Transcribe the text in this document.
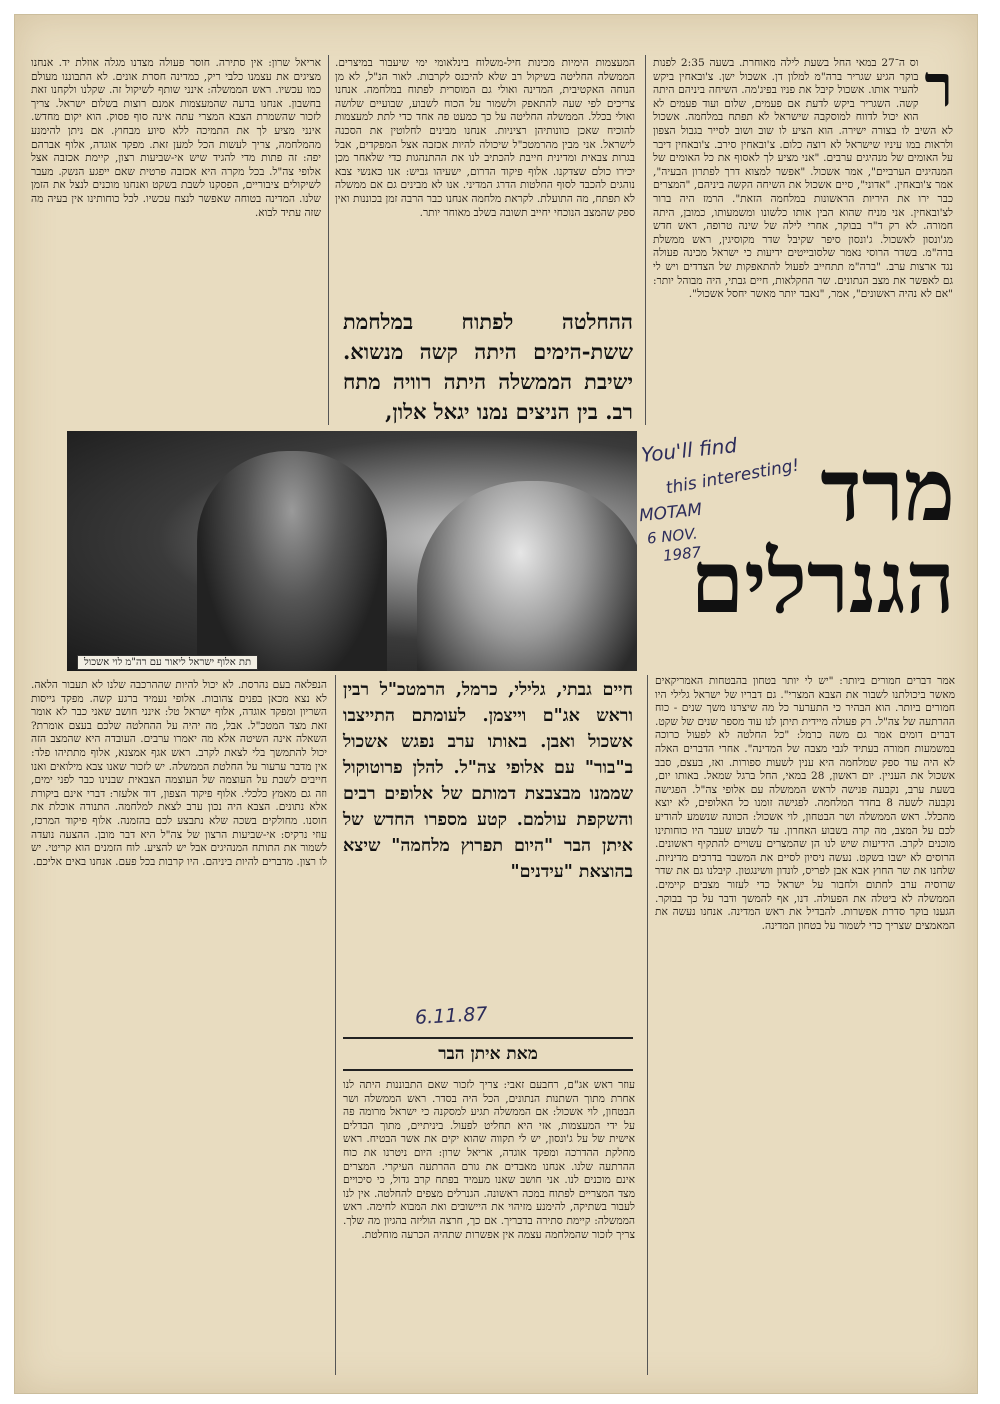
ר

וס ה־27 במאי החל בשעת לילה מאוחרת. בשעה 2:35 לפנות בוקר הגיע שגריר ברה"מ למלון דן. אשכול ישן. צ'ובאחין ביקש להעיר אותו. אשכול קיבל את פניו בפיג'מה. השיחה ביניהם היתה קשה. השגריר ביקש לדעת אם פעמים, שלום ועוד פעמים לא הוא יכול לדווח למוסקבה שישראל לא תפתח במלחמה. אשכול לא השיב לו בצורה ישירה. הוא הציע לו שוב ושוב לסייר בגבול הצפון ולראות במו עיניו שישראל לא רוצה כלום. צ'ובאחין סירב. צ'ובאחין דיבר על האומים של מנהיגים ערבים. "אני מציע לך לאסוף את כל האומים של המנהיגים הערביים", אמר אשכול. "אפשר למצוא דרך לפתרון הבעיה", אמר צ'ובאחין. "אדוני", סיים אשכול את השיחה הקשה ביניהם, "המצרים כבר ירו את היריות הראשונות במלחמה הזאת". הרמז היה ברור לצ'ובאחין. אני מניח שהוא הבין אותו כלשונו ומשמעותו, כמובן, היתה חמורה. לא רק ד"ר בבוקר, אחרי לילה של שינה טרופה, ראש חדש מג'ונסון לאשכול. ג'ונסון סיפר שקיבל שדר מקוסיגין, ראש ממשלת ברה"מ. בשדר הרוסי נאמר שלסובייטים ידיעות כי ישראל מכינה פעולה נגד ארצות ערב. "ברה"מ תתחייב לפעול להתאפקות של הצדדים ויש לי גם לאפשר את מצב הנתונים. שר החקלאות, חיים גבתי, היה מבוהל יותר: "אם לא נהיה ראשונים", אמר, "נאבד יותר מאשר יחסל אשכול".

המעצמות הימיות מכינות חיל-משלוח בינלאומי ימי שיעבור במיצרים. הממשלה החליטה בשיקול רב שלא להיכנס לקרבות. לאור הנ"ל, לא מן הנוחה האקטיבית, המדינה ואולי גם המוסרית לפתוח במלחמה. אנחנו צריכים לפי שעה להתאפק ולשמור על הכוח לשבוע, שבועיים שלושה ואולי בכלל. הממשלה החליטה על כך כמעט פה אחד כדי לתת למעצמות להוכיח שאכן כוונותיהן רציניות. אנחנו מבינים לחלוטין את הסכנה לישראל. אני מבין מהרמטכ"ל שיכולה להיות אכזבה אצל המפקדים, אבל בגרות צבאית ומדינית חייבת להכתיב לנו את ההתנהגות כדי שלאחר מכן יכירו כולם שצדקנו. אלוף פיקוד הדרום, ישעיהו גביש: אנו כאנשי צבא נוהגים להכבד לסוף החלטות הדרג המדיני. אנו לא מבינים גם אם ממשלה לא תפתח, מה התועלת. לקראת מלחמה אנחנו כבר הרבה זמן בכוננות ואין ספק שהמצב הנוכחי יחייב תשובה בשלב מאוחר יותר.

אריאל שרון: אין סתירה. חוסר פעולה מצדנו מגלה אוזלת יד. אנחנו מציגים את עצמנו כלבי ריק, כמדינה חסרת אונים. לא התבוננו מעולם כמו עכשיו. ראש הממשלה: אינני שותף לשיקול זה. שקלנו ולקחנו זאת בחשבון. אנחנו בדעה שהמעצמות אמנם רוצות בשלום ישראל. צריך לזכור שהשמרת הצבא המצרי עתה אינה סוף פסוק. הוא יקום מחדש. אינני מציע לך את התמיכה ללא סיוע מבחוץ. אם ניתן להימנע מהמלחמה, צריך לעשות הכל למען זאת. מפקד אוגדה, אלוף אברהם יפה: זה פתות מדי להגיד שיש אי-שביעות רצון, קיימת אכזבה אצל אלופי צה"ל. בכל מקרה היא אכזבה פרטית שאם ייפגע הנשק. מעבר לשיקולים ציבוריים, הפסקנו לשבת בשקט ואנחנו מוכנים לנצל את הזמן שלנו. המדינה בטוחה שאפשר לנצח עכשיו. לכל כוחותינו אין בעיה מה שזה עתיד לבוא.

ההחלטה לפתוח במלחמת ששת-הימים היתה קשה מנשוא. ישיבת הממשלה היתה רוויה מתח רב. בין הניצים נמנו יגאל אלון,
תת אלוף ישראל ליאור עם רה"מ לוי אשכול
מרד
הגנרלים
You'll find
this interesting!
MOTAM
6 NOV.
1987
חיים גבתי, גלילי, כרמל, הרמטכ"ל רבין וראש אג"ם וייצמן. לעומתם התייצבו אשכול ואבן. באותו ערב נפגש אשכול ב"בור" עם אלופי צה"ל. להלן פרוטוקול שממנו מבצבצת דמותם של אלופים רבים והשקפת עולמם. קטע מספרו החדש של איתן הבר "היום תפרוץ מלחמה" שיצא בהוצאת "עידנים"
6.11.87
מאת איתן הבר

הנפלאה בעם נהרסת. לא יכול להיות שההרכבה שלנו לא תעבור הלאה. לא נצא מכאן בפנים צהובות. אלופי נעמיד ברגע קשה. מפקד גייסות השריון ומפקד אוגדה, אלוף ישראל טל: אינני חושב שאני כבר לא אומר זאת מצד המטכ"ל. אבל, מה יהיה על ההחלטה שלכם בעצם אומרת? השאלה אינה השיטה אלא מה יאמרו ערבים. העובדה היא שהמצב הזה יכול להתמשך בלי לצאת לקרב. ראש אגף אמצנא, אלוף מתתיהו פלד: אין מדבר ערעור על החלטת הממשלה. יש לזכור שאנו צבא מילואים ואנו חייבים לשבת על העוצמה של העוצמה הצבאית שבנינו כבר לפני ימים, וזה גם מאמץ כלכלי. אלוף פיקוד הצפון, דוד אלעזר: דברי אינם ביקורת אלא נתונים. הצבא היה נכון ערב לצאת למלחמה. התנודה אוכלת את חוסנו. מחולקים בשכה שלא נתבצע לכם בהזמנה. אלוף פיקוד המרכז, עוזי נרקיס: אי-שביעות הרצון של צה"ל היא דבר מובן. ההצעה נועדה לשמור את התותח המנהיגים אבל יש להציע. לוח הזמנים הוא קריטי. יש לו רצון. מדברים להיות ביניהם. היו קרבות בכל פעם. אנחנו באים אליכם.

עוזר ראש אג"ם, רחבעם זאבי: צריך לזכור שאם התבוננות היתה לנו אחרת מתוך השתנות הנתונים, הכל היה בסדר. ראש הממשלה ושר הבטחון, לוי אשכול: אם הממשלה תגיע למסקנה כי ישראל מרומה פה על ידי המעצמות, אזי היא תחליט לפעול. ביניתיים, מתוך הבדלים אישית של על ג'ונסון, יש לי תקווה שהוא יקים את אשר הבטיח. ראש מחלקת ההדרכה ומפקד אוגדה, אריאל שרון: היום ניטרנו את כוח ההרתעה שלנו. אנחנו מאבדים את גורם ההרתעה העיקרי. המצרים אינם מוכנים לנו. אני חושב שאנו מעמיד בפתח קרב גדול, כי סיכויים מצד המצריים לפתוח במכה ראשונה. הגנרלים מצפים להחלטה. אין לנו לעבור בשתיקה, להימנע מזיהוי את היישובים ואת המבוא לחימה. ראש הממשלה: קיימת סתירה בדבריך. אם כך, חרצה הוליזה בהגיון מה שלך. צריך לזכור שהמלחמה עצמה אין אפשרות שתהיה הכרעה מוחלטת.

אמר דברים חמורים ביותר: "יש לי יותר בטחון בהבטחות האמריקאים מאשר ביכולתנו לשבור את הצבא המצרי". גם דבריו של ישראל גלילי היו חמורים ביותר. הוא הבהיר כי התערער כל מה שיצרנו משך שנים - כוח ההרתעה של צה"ל. רק פעולה מיידית תיתן לנו עוד מספר שנים של שקט. דברים דומים אמר גם משה כרמל: "כל החלטה לא לפעול כרוכה במשמעות חמורה בעתיד לגבי מצבה של המדינה". אחרי הדברים האלה לא היה עוד ספק שמלחמה היא ענין לשעות ספורות. ואז, בעצם, סבב אשכול את העניין. יום ראשון, 28 במאי, החל ברגל שמאל. באותו יום, בשעת ערב, נקבעה פגישה לראש הממשלה עם אלופי צה"ל. הפגישה נקבעה לשעה 8 בחדר המלחמה. לפגישה זומנו כל האלופים, לא יוצא מהכלל. ראש הממשלה ושר הבטחון, לוי אשכול: הכוונה שנשמע להודיע לכם על המצב, מה קרה בשבוע האחרון. עד לשבוע שעבר היו כוחותינו מוכנים לקרב. הידיעות שיש לנו הן שהמצרים עשויים להתקיף ראשונים. הרוסים לא ישבו בשקט. נעשה ניסיון לסיים את המשבר בדרכים מדיניות. שלחנו את שר החוץ אבא אבן לפריס, לונדון וושינגטון. קיבלנו גם את שדר שרוסיה ערב לחתום ולחבור על ישראל כדי לעזור מצבים קיימים. הממשלה לא ביטלה את הפעולה. דנו, אף להמשך ודבר על כך בבוקר. הגענו בוקר סדרת אפשרות. להבדיל את ראש המדינה. אנחנו נעשה את המאמצים שצריך כדי לשמור על בטחון המדינה.
